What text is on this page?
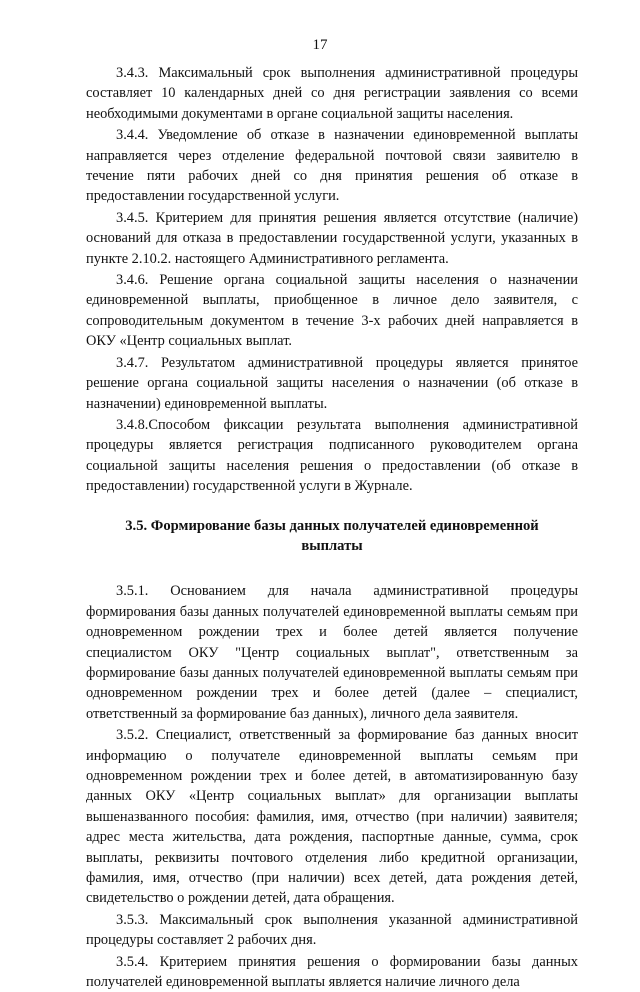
17

3.4.3. Максимальный срок выполнения административной процедуры составляет 10 календарных дней со дня регистрации заявления со всеми необходимыми документами в органе социальной защиты населения.

3.4.4. Уведомление об отказе в назначении единовременной выплаты направляется через отделение федеральной почтовой связи заявителю в течение пяти рабочих дней со дня принятия решения об отказе в предоставлении государственной услуги.

3.4.5. Критерием для принятия решения является отсутствие (наличие) оснований для отказа в предоставлении государственной услуги, указанных в пункте 2.10.2. настоящего Административного регламента.

3.4.6. Решение органа социальной защиты населения о назначении единовременной выплаты, приобщенное в личное дело заявителя, с сопроводительным документом в течение 3-х рабочих дней направляется в ОКУ «Центр социальных выплат.

3.4.7. Результатом административной процедуры является принятое решение органа социальной защиты населения о назначении (об отказе в назначении) единовременной выплаты.

3.4.8.Способом фиксации результата выполнения административной процедуры является регистрация подписанного руководителем органа социальной защиты населения решения о предоставлении (об отказе в предоставлении) государственной услуги в Журнале.

3.5. Формирование базы данных получателей единовременной выплаты

3.5.1. Основанием для начала административной процедуры формирования базы данных получателей единовременной выплаты семьям при одновременном рождении трех и более детей является получение специалистом ОКУ "Центр социальных выплат", ответственным за формирование базы данных получателей единовременной выплаты семьям при одновременном рождении трех и более детей (далее – специалист, ответственный за формирование баз данных), личного дела заявителя.

3.5.2. Специалист, ответственный за формирование баз данных вносит информацию о получателе единовременной выплаты семьям при одновременном рождении трех и более детей, в автоматизированную базу данных ОКУ «Центр социальных выплат» для организации выплаты вышеназванного пособия: фамилия, имя, отчество (при наличии) заявителя; адрес места жительства, дата рождения, паспортные данные, сумма, срок выплаты, реквизиты почтового отделения либо кредитной организации, фамилия, имя, отчество (при наличии) всех детей, дата рождения детей, свидетельство о рождении детей, дата обращения.

3.5.3. Максимальный срок выполнения указанной административной процедуры составляет 2 рабочих дня.

3.5.4. Критерием принятия решения о формировании базы данных получателей единовременной выплаты является наличие личного дела
